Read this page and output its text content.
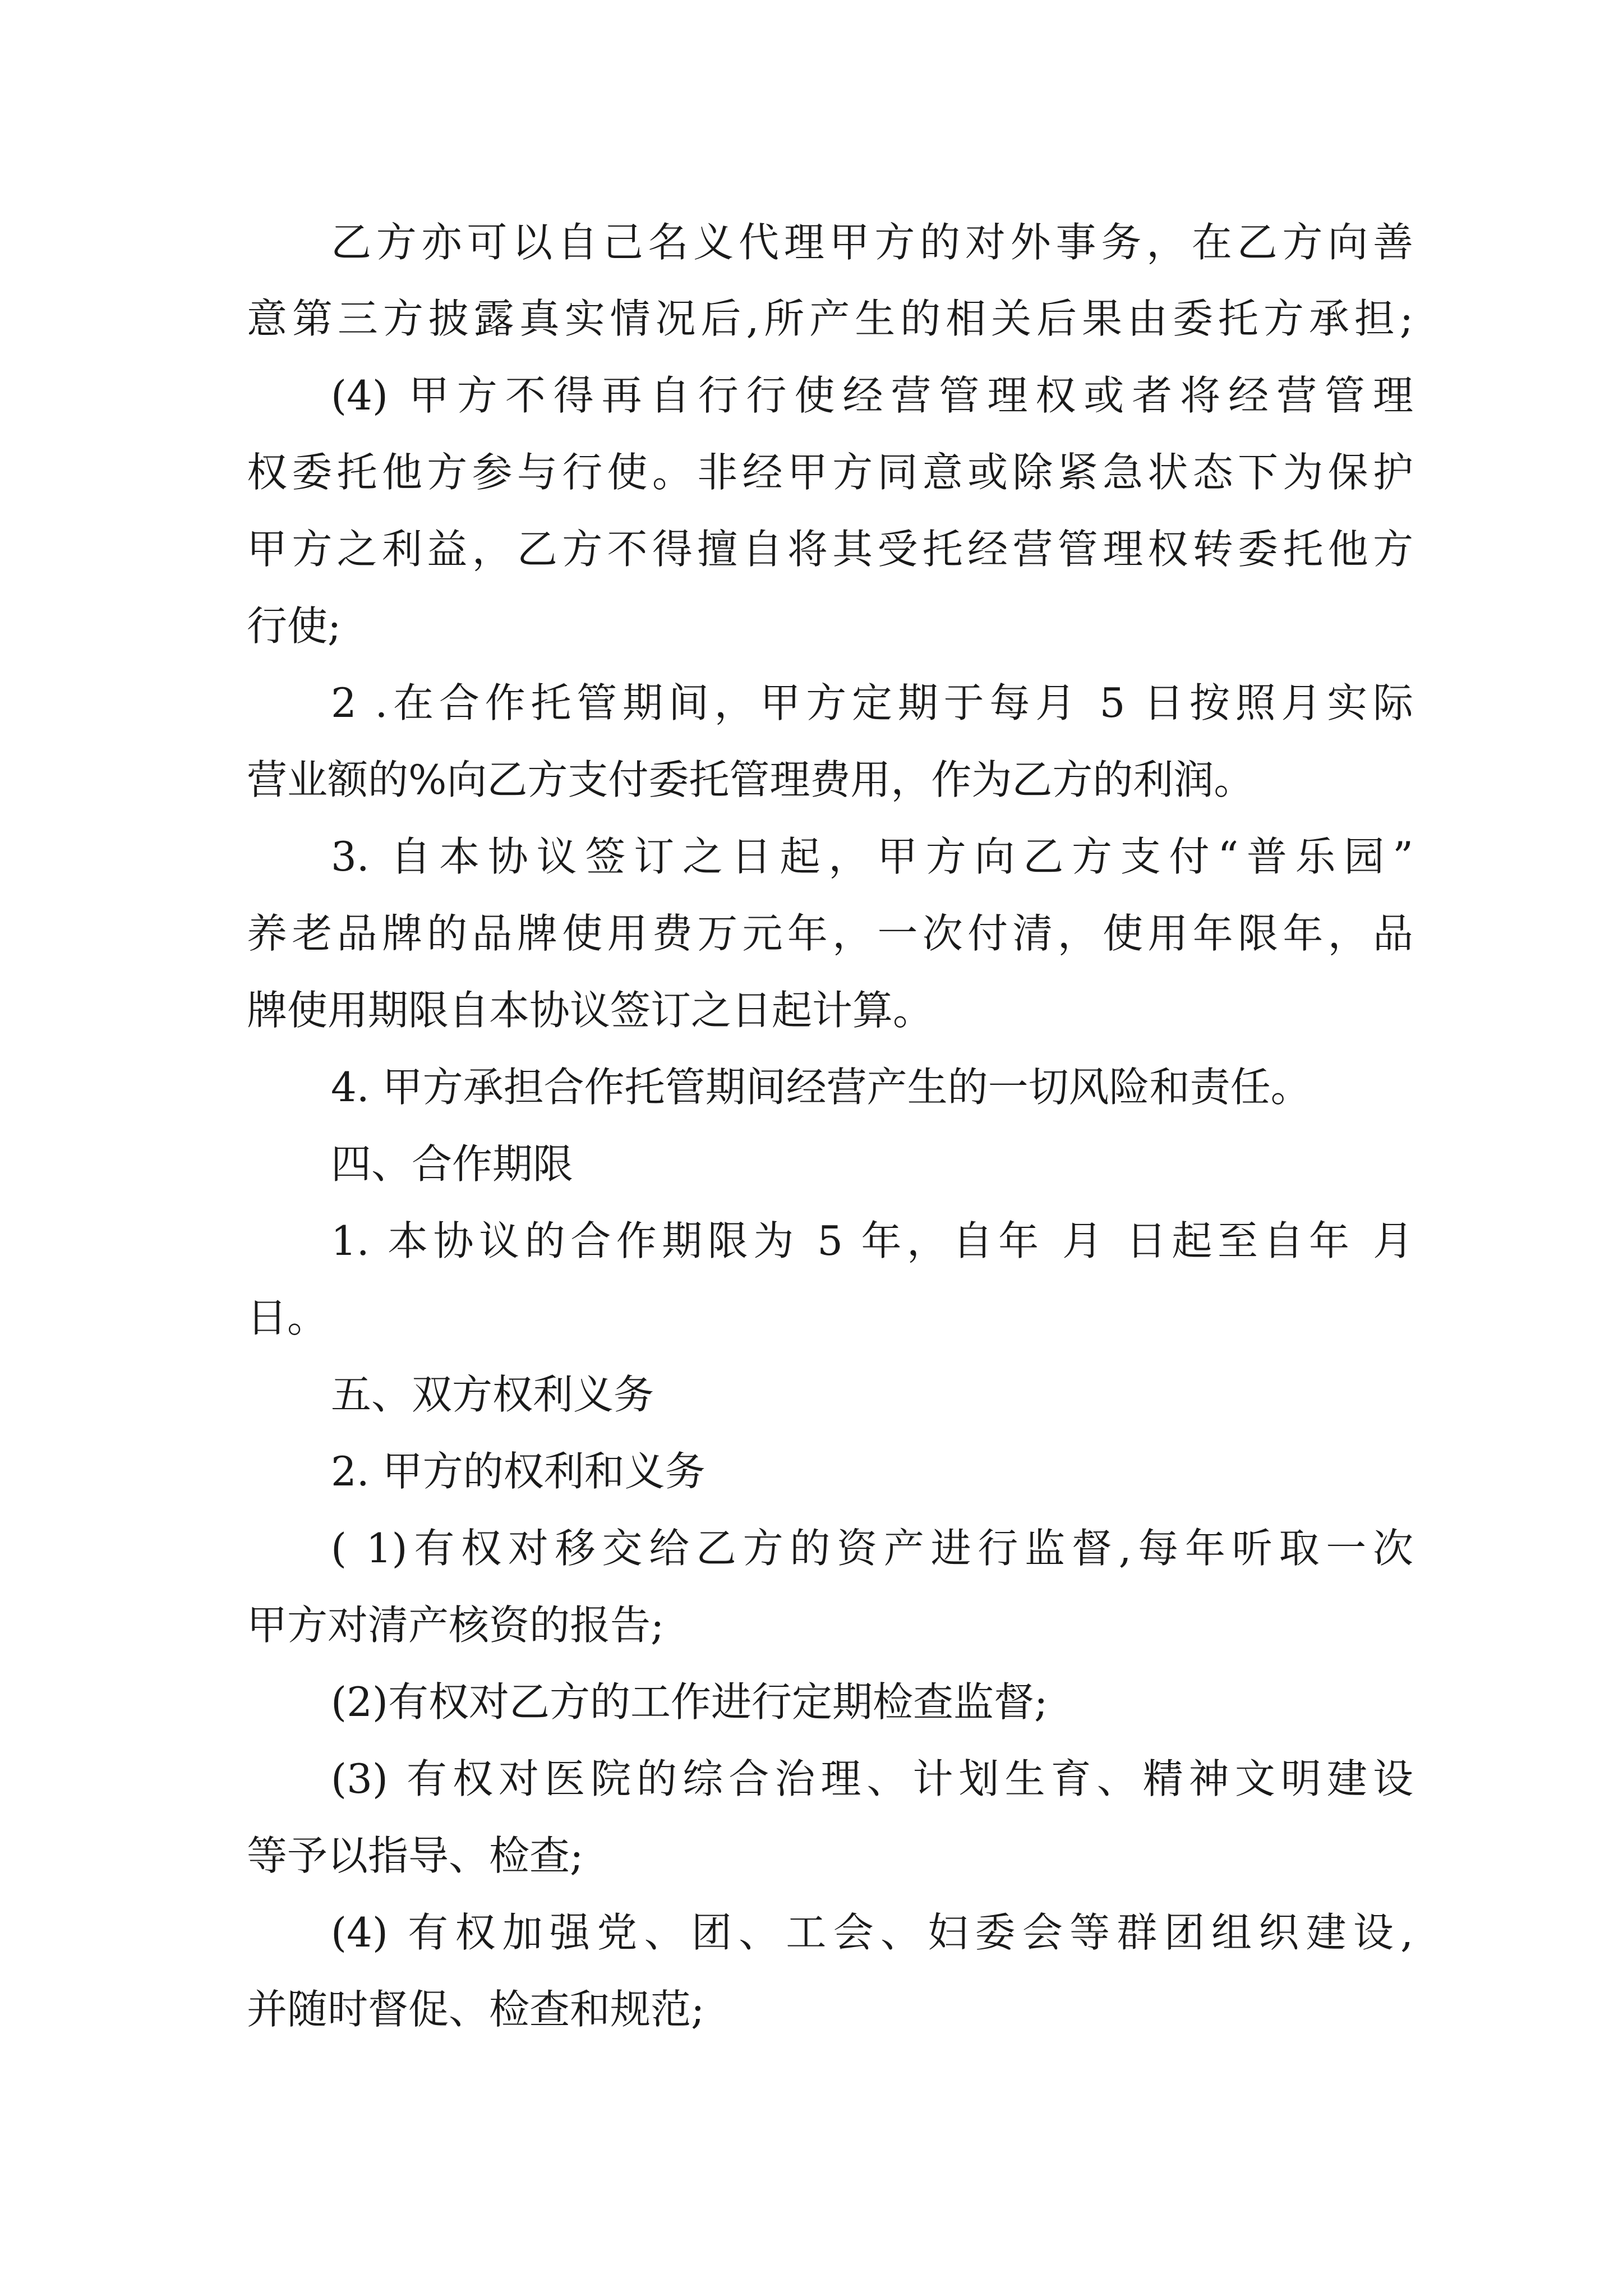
乙方亦可以自己名义代理甲方的对外事务，在乙方向善
意第三方披露真实情况后,所产生的相关后果由委托方承担;
(4) 甲方不得再自行行使经营管理权或者将经营管理
权委托他方参与行使。非经甲方同意或除紧急状态下为保护
甲方之利益，乙方不得擅自将其受托经营管理权转委托他方
行使;
2 .在合作托管期间，甲方定期于每月 5 日按照月实际
营业额的%向乙方支付委托管理费用，作为乙方的利润。
3. 自本协议签订之日起，甲方向乙方支付“普乐园”
养老品牌的品牌使用费万元年，一次付清，使用年限年，品
牌使用期限自本协议签订之日起计算。
4. 甲方承担合作托管期间经营产生的一切风险和责任。
四、合作期限
1. 本协议的合作期限为 5 年，自年 月 日起至自年 月
日。
五、双方权利义务
2. 甲方的权利和义务
( 1)有权对移交给乙方的资产进行监督,每年听取一次
甲方对清产核资的报告;
(2)有权对乙方的工作进行定期检查监督;
(3) 有权对医院的综合治理、计划生育、精神文明建设
等予以指导、检查;
(4) 有权加强党、团、工会、妇委会等群团组织建设,
并随时督促、检查和规范;
